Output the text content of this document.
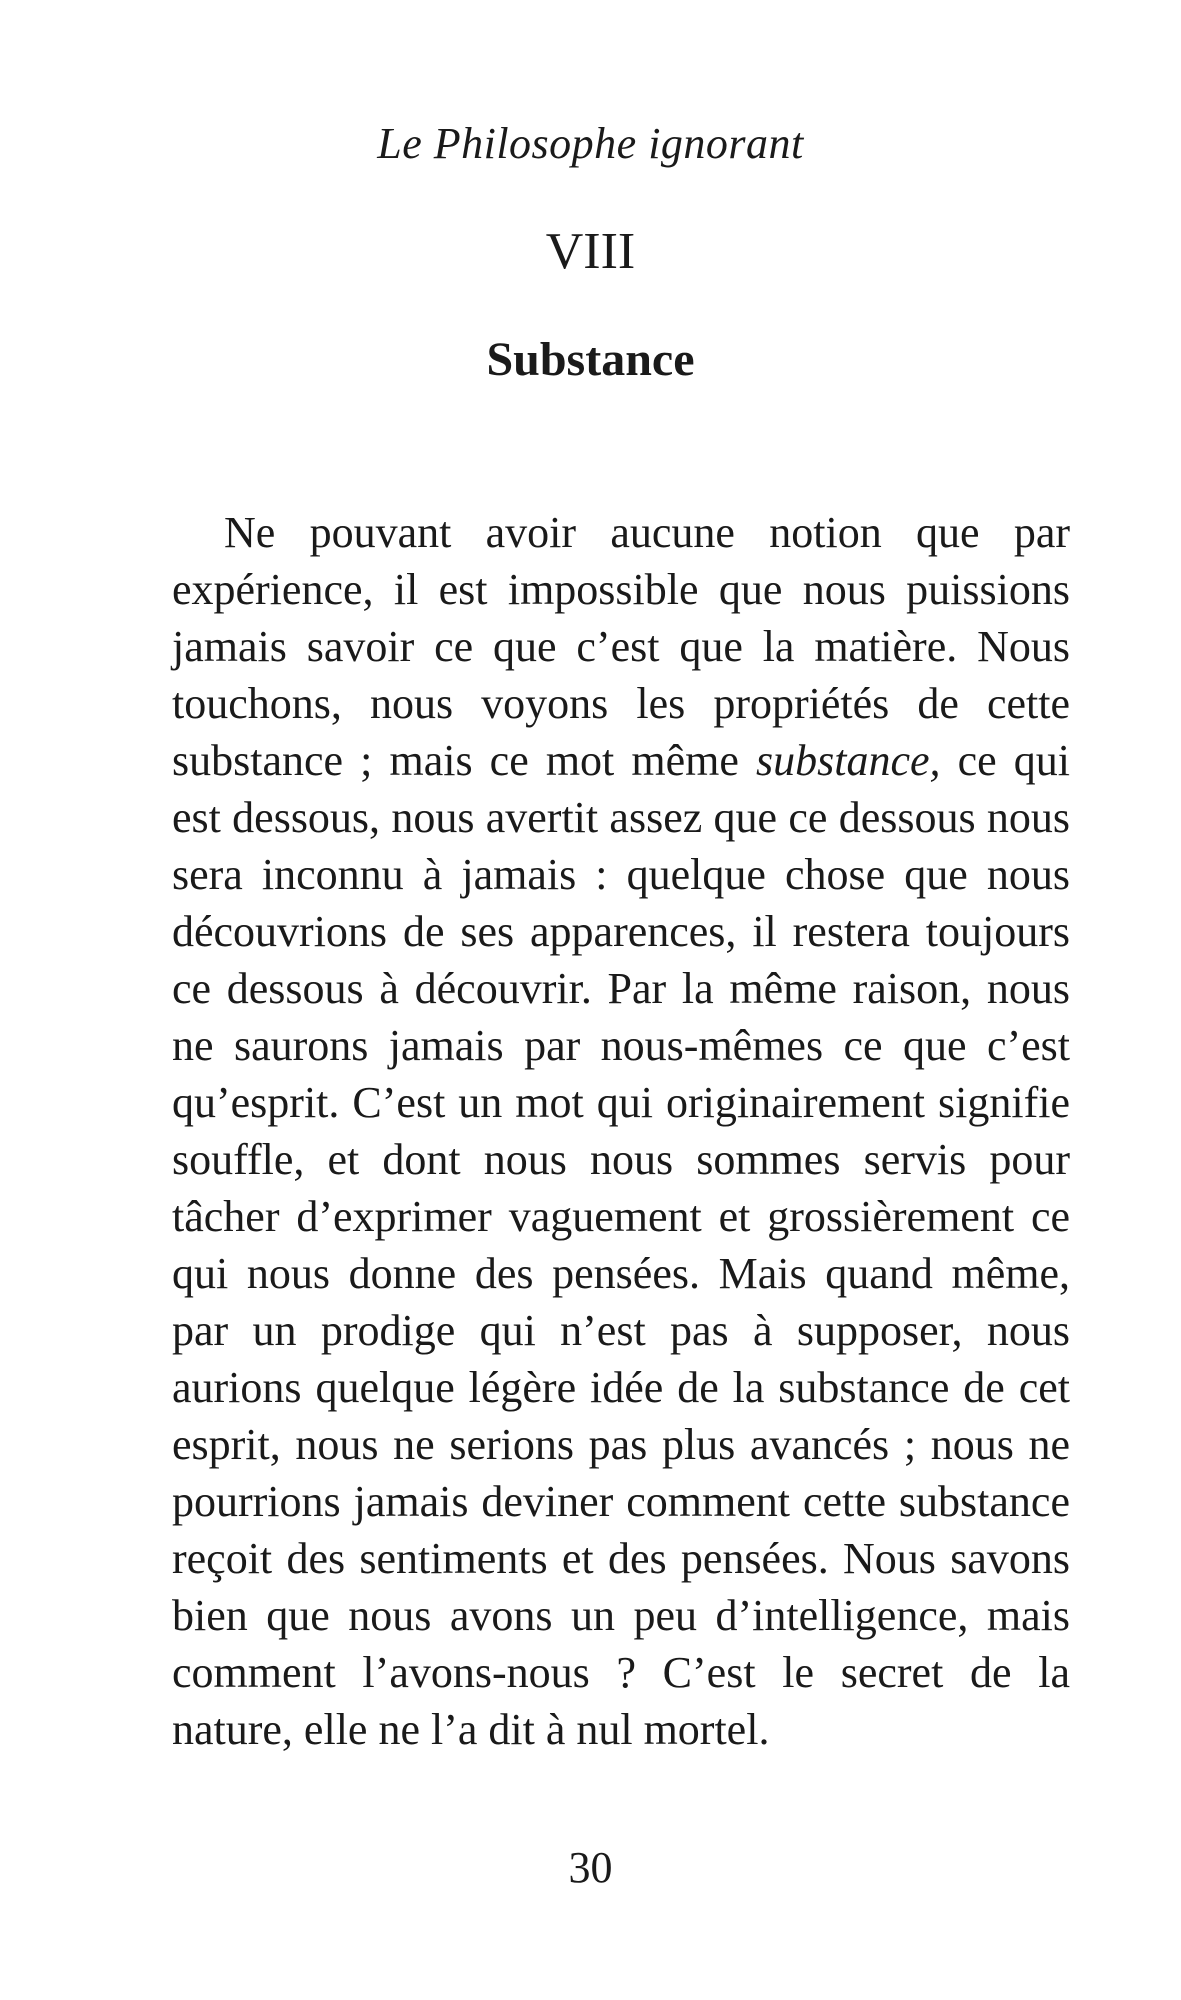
Le Philosophe ignorant

VIII
Substance

Ne pouvant avoir aucune notion que par expérience, il est impossible que nous puissions jamais savoir ce que c’est que la matière. Nous touchons, nous voyons les propriétés de cette substance ; mais ce mot même substance, ce qui est dessous, nous avertit assez que ce dessous nous sera inconnu à jamais : quelque chose que nous découvrions de ses apparences, il restera toujours ce dessous à découvrir. Par la même raison, nous ne saurons jamais par nous-mêmes ce que c’est qu’esprit. C’est un mot qui originairement signifie souffle, et dont nous nous sommes servis pour tâcher d’exprimer vaguement et grossièrement ce qui nous donne des pensées. Mais quand même, par un prodige qui n’est pas à supposer, nous aurions quelque légère idée de la substance de cet esprit, nous ne serions pas plus avancés ; nous ne pourrions jamais deviner comment cette substance reçoit des sentiments et des pensées. Nous savons bien que nous avons un peu d’intelligence, mais comment l’avons-nous ? C’est le secret de la nature, elle ne l’a dit à nul mortel.

30
